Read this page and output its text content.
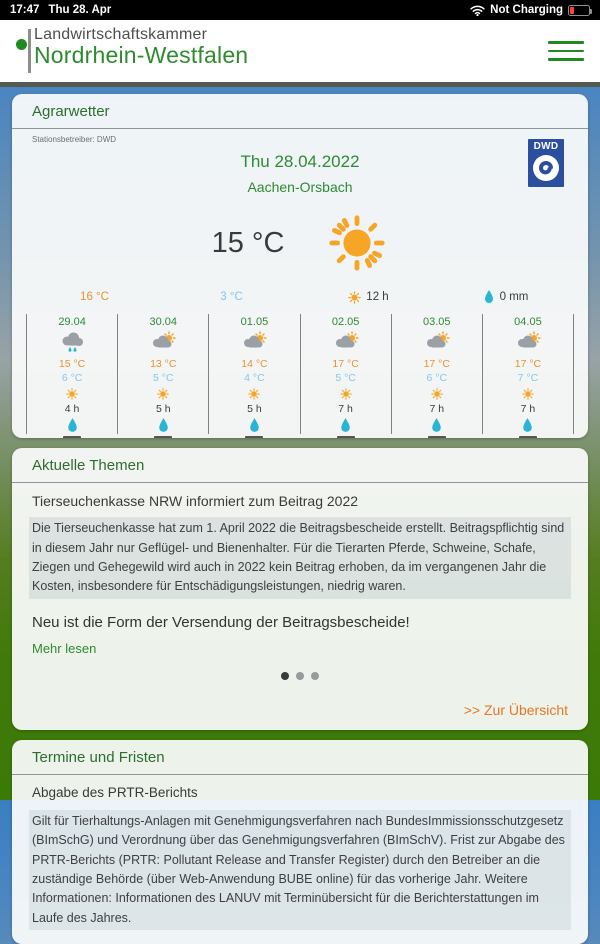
17:47 Thu 28. Apr	Not Charging
Landwirtschaftskammer
Nordrhein-Westfalen
Agrarwetter
Stationsbetreiber: DWD
DWD
Thu 28.04.2022
Aachen-Orsbach
15 °C
16 °C	3 °C	12 h	0 mm
29.04
15 °C
6 °C
4 h
30.04
13 °C
5 °C
5 h
01.05
14 °C
4 °C
5 h
02.05
17 °C
5 °C
7 h
03.05
17 °C
6 °C
7 h
04.05
17 °C
7 °C
7 h
Aktuelle Themen
Tierseuchenkasse NRW informiert zum Beitrag 2022
Die Tierseuchenkasse hat zum 1. April 2022 die Beitragsbescheide erstellt. Beitragspflichtig sind in diesem Jahr nur Geflügel- und Bienenhalter. Für die Tierarten Pferde, Schweine, Schafe, Ziegen und Gehegewild wird auch in 2022 kein Beitrag erhoben, da im vergangenen Jahr die Kosten, insbesondere für Entschädigungsleistungen, niedrig waren.
Neu ist die Form der Versendung der Beitragsbescheide!
Mehr lesen
>> Zur Übersicht
Termine und Fristen
Abgabe des PRTR-Berichts
Gilt für Tierhaltungs-Anlagen mit Genehmigungsverfahren nach BundesImmissionsschutzgesetz (BImSchG) und Verordnung über das Genehmigungsverfahren (BImSchV). Frist zur Abgabe des PRTR-Berichts (PRTR: Pollutant Release and Transfer Register) durch den Betreiber an die zuständige Behörde (über Web-Anwendung BUBE online) für das vorherige Jahr. Weitere Informationen: Informationen des LANUV mit Terminübersicht für die Berichterstattungen im Laufe des Jahres.
